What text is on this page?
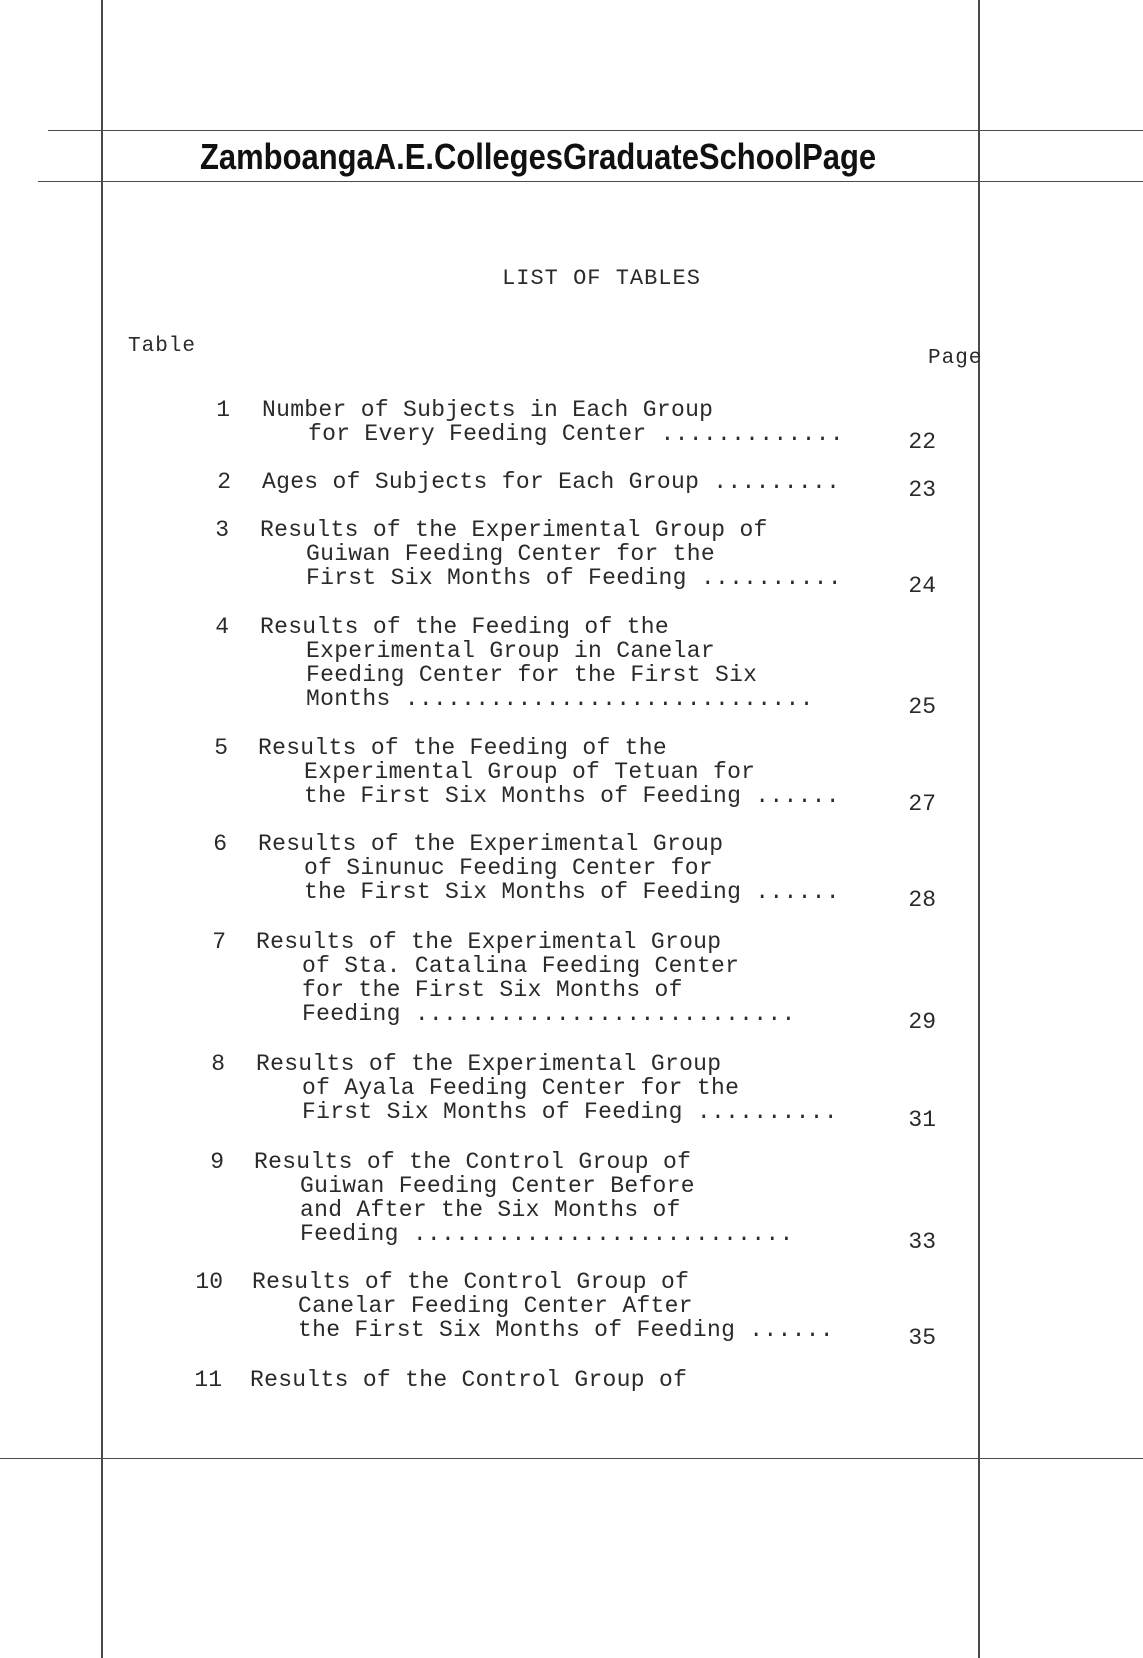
Zamboanga A. E. Colleges Graduate School Page
LIST OF TABLES
Table
Page
1 Number of Subjects in Each Group
for Every Feeding Center .............	22
2 Ages of Subjects for Each Group .........	23
3 Results of the Experimental Group of
Guiwan Feeding Center for the
First Six Months of Feeding ..........	24
4 Results of the Feeding of the
Experimental Group in Canelar
Feeding Center for the First Six
Months .............................	25
5 Results of the Feeding of the
Experimental Group of Tetuan for
the First Six Months of Feeding ......	27
6 Results of the Experimental Group
of Sinunuc Feeding Center for
the First Six Months of Feeding ......	28
7 Results of the Experimental Group
of Sta. Catalina Feeding Center
for the First Six Months of
Feeding ...........................	29
8 Results of the Experimental Group
of Ayala Feeding Center for the
First Six Months of Feeding ..........	31
9 Results of the Control Group of
Guiwan Feeding Center Before
and After the Six Months of
Feeding ...........................	33
10 Results of the Control Group of
Canelar Feeding Center After
the First Six Months of Feeding ......	35
11 Results of the Control Group of
